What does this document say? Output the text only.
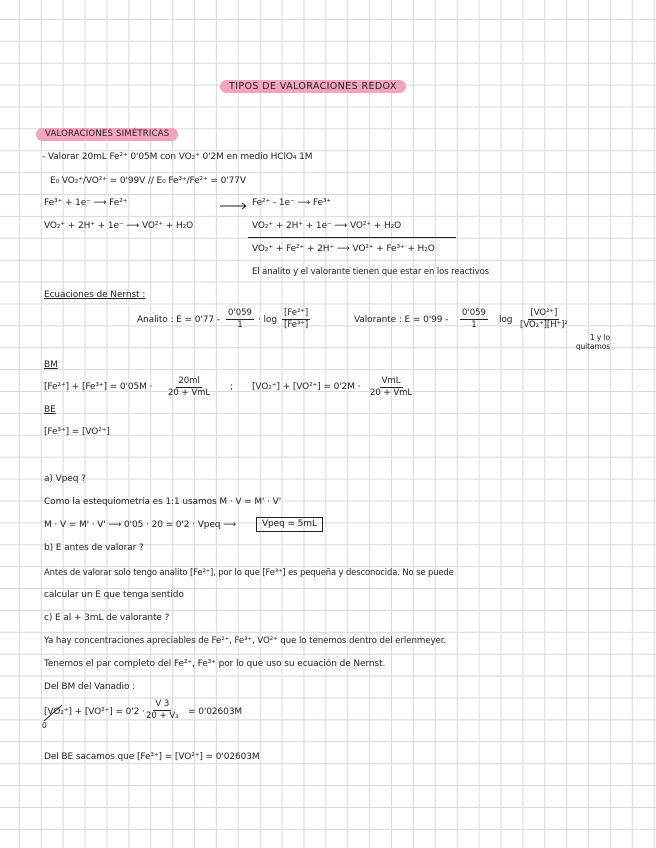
TIPOS DE VALORACIONES REDOX
VALORACIONES SIMÉTRICAS
- Valorar 20mL Fe²⁺ 0'05M con VO₂⁺ 0'2M en medio HClO₄ 1M
E₀ VO₂⁺/VO²⁺ = 0'99V // E₀ Fe³⁺/Fe²⁺ = 0'77V
Fe³⁺ + 1e⁻ ⟶ Fe²⁺
VO₂⁺ + 2H⁺ + 1e⁻ ⟶ VO²⁺ + H₂O
Fe²⁺ - 1e⁻ ⟶ Fe³⁺
VO₂⁺ + 2H⁺ + 1e⁻ ⟶ VO²⁺ + H₂O
VO₂⁺ + Fe²⁺ + 2H⁺ ⟶ VO²⁺ + Fe³⁺ + H₂O
El analito y el valorante tienen que estar en los reactivos
Ecuaciones de Nernst :
Analito : $E = 0'77 - \frac{0'059}{1} \cdot \log \frac{\text{[Fe²⁺]}}{\text{[Fe³⁺]}}$	Valorante : $E = 0'99 - \frac{0'059}{1}$ $\log \frac{\text{[VO²⁺]}}{\text{[VO₂⁺][H⁺]²}}$
1 y lo quitamos
BM
[Fe²⁺] + [Fe³⁺] = 0'05M ·
20ml
20 + VmL
; [VO₂⁺] + [VO²⁺] = 0'2M ·
VmL
20 + VmL
BE
[Fe³⁺] = [VO²⁺]
a) Vpeq ?
Como la estequiometría es 1:1 usamos M · V = M' · V'
M · V = M' · V' ⟶ 0'05 · 20 = 0'2 · Vpeq ⟶	Vpeq = 5mL
b) E antes de valorar ?
Antes de valorar solo tengo analito [Fe²⁺], por lo que [Fe³⁺] es pequeña y desconocida. No se puede
calcular un E que tenga sentido
c) E al + 3mL de valorante ?
Ya hay concentraciones apreciables de Fe²⁺, Fe³⁺, VO²⁺ que lo tenemos dentro del erlenmeyer.
Tenemos el par completo del Fe²⁺, Fe³⁺ por lo que uso su ecuación de Nernst.
Del BM del Vanadio :
[VO₂⁺] + [VO²⁺] = 0'2 ·
0
$\frac{V 3}{\text{20 + V₃}} = 0'02603M$
Del BE sacamos que [Fe³⁺] = [VO²⁺] = 0'02603M
